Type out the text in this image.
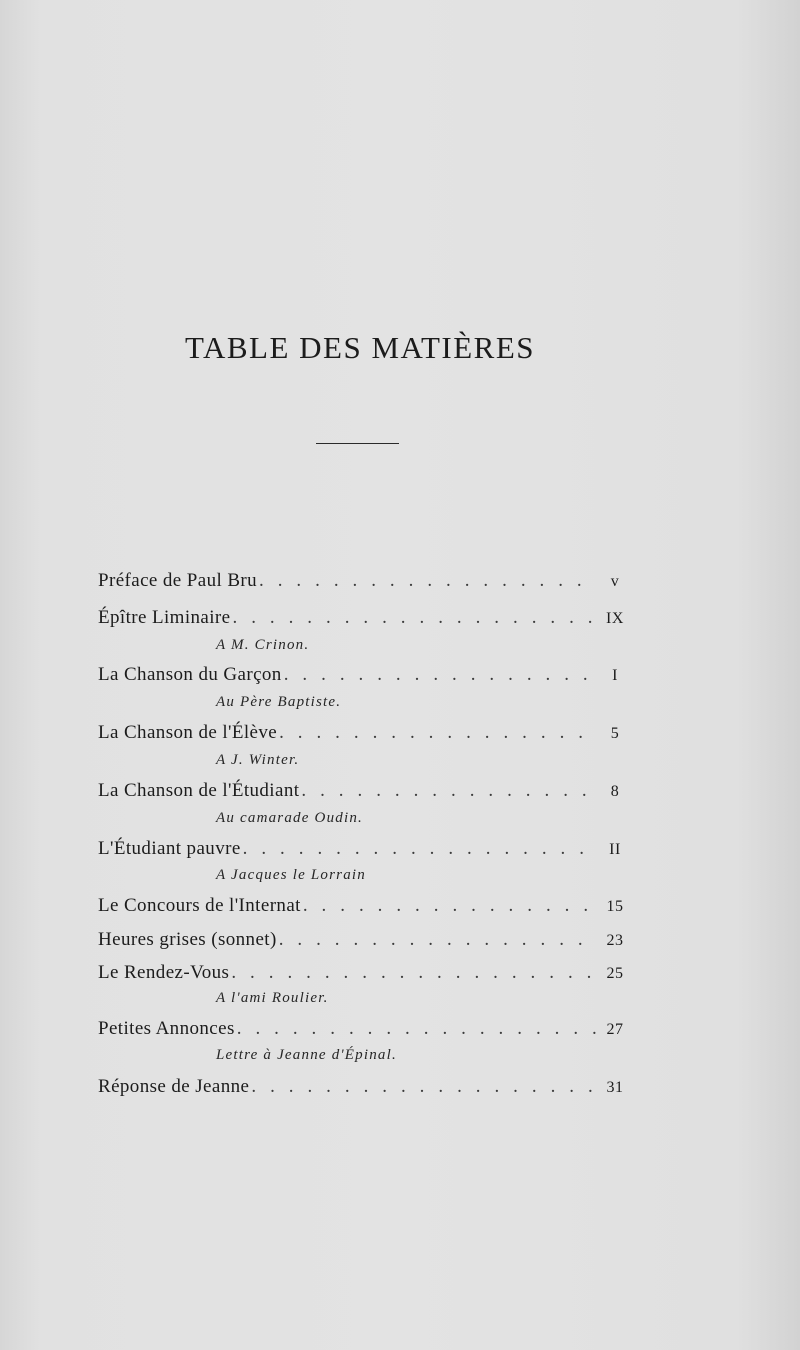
TABLE DES MATIÈRES
Préface de Paul Bru . . .	v
Épître Liminaire . . .	IX
A M. Crinon.
La Chanson du Garçon . . .	I
Au Père Baptiste.
La Chanson de l'Élève . . .	5
A J. Winter.
La Chanson de l'Étudiant . . .	8
Au camarade Oudin.
L'Étudiant pauvre . . .	II
A Jacques le Lorrain
Le Concours de l'Internat . . .	15
Heures grises (sonnet) . . .	23
Le Rendez-Vous . . .	25
A l'ami Roulier.
Petites Annonces . . .	27
Lettre à Jeanne d'Épinal.
Réponse de Jeanne . . .	31
